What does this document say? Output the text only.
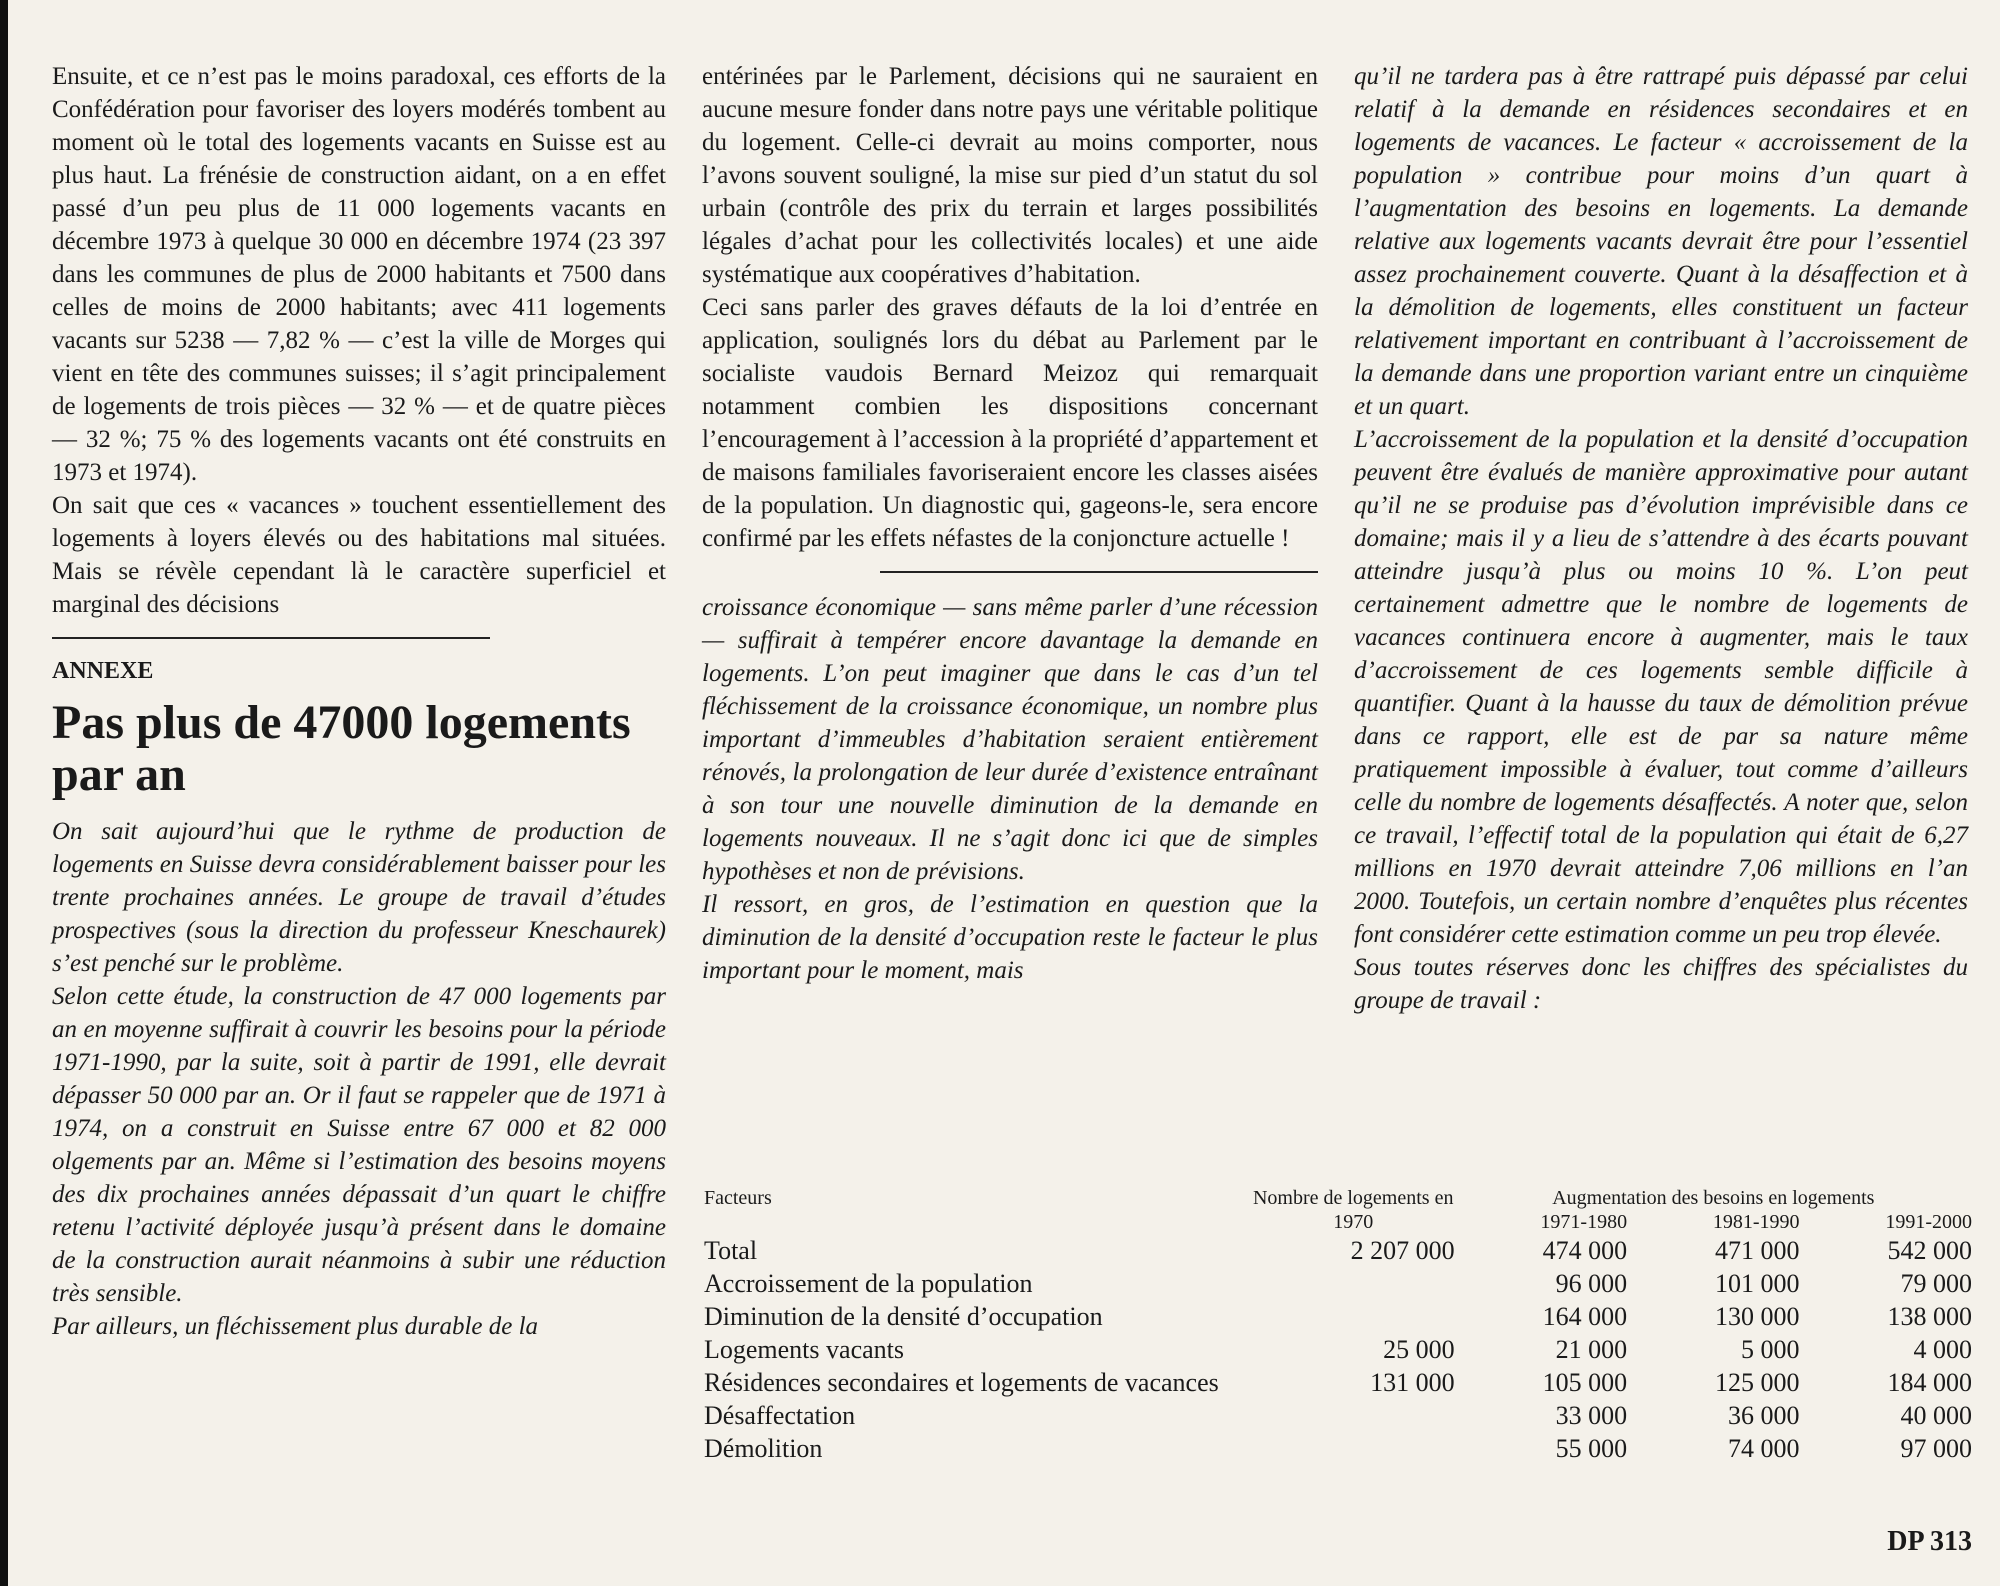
Ensuite, et ce n’est pas le moins paradoxal, ces efforts de la Confédération pour favoriser des loyers modérés tombent au moment où le total des logements vacants en Suisse est au plus haut. La frénésie de construction aidant, on a en effet passé d’un peu plus de 11 000 logements vacants en décembre 1973 à quelque 30 000 en décembre 1974 (23 397 dans les communes de plus de 2000 habitants et 7500 dans celles de moins de 2000 habitants; avec 411 logements vacants sur 5238 — 7,82 % — c’est la ville de Morges qui vient en tête des communes suisses; il s’agit principalement de logements de trois pièces — 32 % — et de quatre pièces — 32 %; 75 % des logements vacants ont été construits en 1973 et 1974).

On sait que ces « vacances » touchent essentiellement des logements à loyers élevés ou des habitations mal situées. Mais se révèle cependant là le caractère superficiel et marginal des décisions

ANNEXE
Pas plus de 47000 logements par an

On sait aujourd’hui que le rythme de production de logements en Suisse devra considérablement baisser pour les trente prochaines années. Le groupe de travail d’études prospectives (sous la direction du professeur Kneschaurek) s’est penché sur le problème.

Selon cette étude, la construction de 47 000 logements par an en moyenne suffirait à couvrir les besoins pour la période 1971-1990, par la suite, soit à partir de 1991, elle devrait dépasser 50 000 par an. Or il faut se rappeler que de 1971 à 1974, on a construit en Suisse entre 67 000 et 82 000 olgements par an. Même si l’estimation des besoins moyens des dix prochaines années dépassait d’un quart le chiffre retenu l’activité déployée jusqu’à présent dans le domaine de la construction aurait néanmoins à subir une réduction très sensible.

Par ailleurs, un fléchissement plus durable de la

entérinées par le Parlement, décisions qui ne sauraient en aucune mesure fonder dans notre pays une véritable politique du logement. Celle-ci devrait au moins comporter, nous l’avons souvent souligné, la mise sur pied d’un statut du sol urbain (contrôle des prix du terrain et larges possibilités légales d’achat pour les collectivités locales) et une aide systématique aux coopératives d’habitation.

Ceci sans parler des graves défauts de la loi d’entrée en application, soulignés lors du débat au Parlement par le socialiste vaudois Bernard Meizoz qui remarquait notamment combien les dispositions concernant l’encouragement à l’accession à la propriété d’appartement et de maisons familiales favoriseraient encore les classes aisées de la population. Un diagnostic qui, gageons-le, sera encore confirmé par les effets néfastes de la conjoncture actuelle !

croissance économique — sans même parler d’une récession — suffirait à tempérer encore davantage la demande en logements. L’on peut imaginer que dans le cas d’un tel fléchissement de la croissance économique, un nombre plus important d’immeubles d’habitation seraient entièrement rénovés, la prolongation de leur durée d’existence entraînant à son tour une nouvelle diminution de la demande en logements nouveaux. Il ne s’agit donc ici que de simples hypothèses et non de prévisions.

Il ressort, en gros, de l’estimation en question que la diminution de la densité d’occupation reste le facteur le plus important pour le moment, mais

qu’il ne tardera pas à être rattrapé puis dépassé par celui relatif à la demande en résidences secondaires et en logements de vacances. Le facteur « accroissement de la population » contribue pour moins d’un quart à l’augmentation des besoins en logements. La demande relative aux logements vacants devrait être pour l’essentiel assez prochainement couverte. Quant à la désaffection et à la démolition de logements, elles constituent un facteur relativement important en contribuant à l’accroissement de la demande dans une proportion variant entre un cinquième et un quart.

L’accroissement de la population et la densité d’occupation peuvent être évalués de manière approximative pour autant qu’il ne se produise pas d’évolution imprévisible dans ce domaine; mais il y a lieu de s’attendre à des écarts pouvant atteindre jusqu’à plus ou moins 10 %. L’on peut certainement admettre que le nombre de logements de vacances continuera encore à augmenter, mais le taux d’accroissement de ces logements semble difficile à quantifier. Quant à la hausse du taux de démolition prévue dans ce rapport, elle est de par sa nature même pratiquement impossible à évaluer, tout comme d’ailleurs celle du nombre de logements désaffectés. A noter que, selon ce travail, l’effectif total de la population qui était de 6,27 millions en 1970 devrait atteindre 7,06 millions en l’an 2000. Toutefois, un certain nombre d’enquêtes plus récentes font considérer cette estimation comme un peu trop élevée.

Sous toutes réserves donc les chiffres des spécialistes du groupe de travail :

Facteurs	Nombre de logements en 1970	Augmentation des besoins en logements		
		1971-1980	1981-1990	1991-2000
Total	2 207 000	474 000	471 000	542 000
Accroissement de la population		96 000	101 000	79 000
Diminution de la densité d’occupation		164 000	130 000	138 000
Logements vacants	25 000	21 000	5 000	4 000
Résidences secondaires et logements de vacances	131 000	105 000	125 000	184 000
Désaffectation		33 000	36 000	40 000
Démolition		55 000	74 000	97 000
DP 313
